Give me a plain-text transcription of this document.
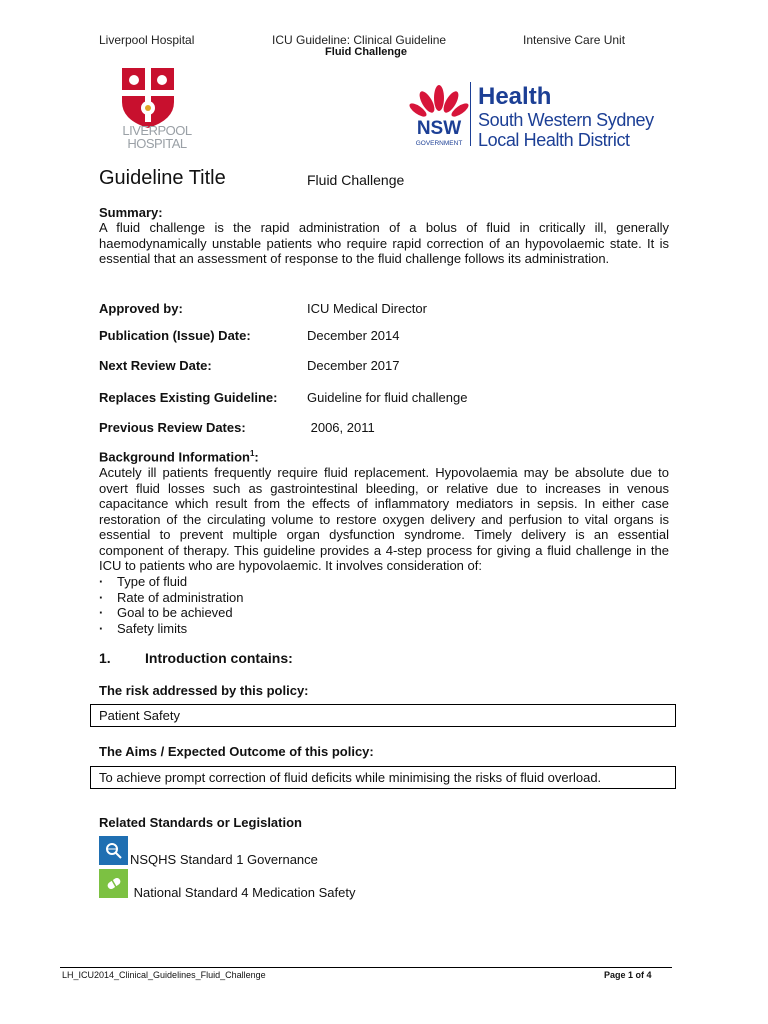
Liverpool Hospital	ICU Guideline: Clinical Guideline	Intensive Care Unit
Fluid Challenge
LIVERPOOL
HOSPITAL
NSW
GOVERNMENT
Health
South Western Sydney
Local Health District
Guideline Title	Fluid Challenge
Summary:

A fluid challenge is the rapid administration of a bolus of fluid in critically ill, generally haemodynamically unstable patients who require rapid correction of an hypovolaemic state. It is essential that an assessment of response to the fluid challenge follows its administration.

Approved by:	ICU Medical Director
Publication (Issue) Date:	December 2014
Next Review Date:	December 2017
Replaces Existing Guideline: Guideline for fluid challenge
Previous Review Dates:	2006, 2011
Background Information$^1$:

Acutely ill patients frequently require fluid replacement. Hypovolaemia may be absolute due to overt fluid losses such as gastrointestinal bleeding, or relative due to increases in venous capacitance which result from the effects of inflammatory mediators in sepsis. In either case restoration of the circulating volume to restore oxygen delivery and perfusion to vital organs is essential to prevent multiple organ dysfunction syndrome. Timely delivery is an essential component of therapy. This guideline provides a 4-step process for giving a fluid challenge in the ICU to patients who are hypovolaemic. It involves consideration of:

· Type of fluid
· Rate of administration
· Goal to be achieved
· Safety limits
1. Introduction contains:
The risk addressed by this policy:
Patient Safety
The Aims / Expected Outcome of this policy:
To achieve prompt correction of fluid deficits while minimising the risks of fluid overload.
Related Standards or Legislation
NSQHS Standard 1 Governance
National Standard 4 Medication Safety
LH_ICU2014_Clinical_Guidelines_Fluid_Challenge	Page 1 of 4
